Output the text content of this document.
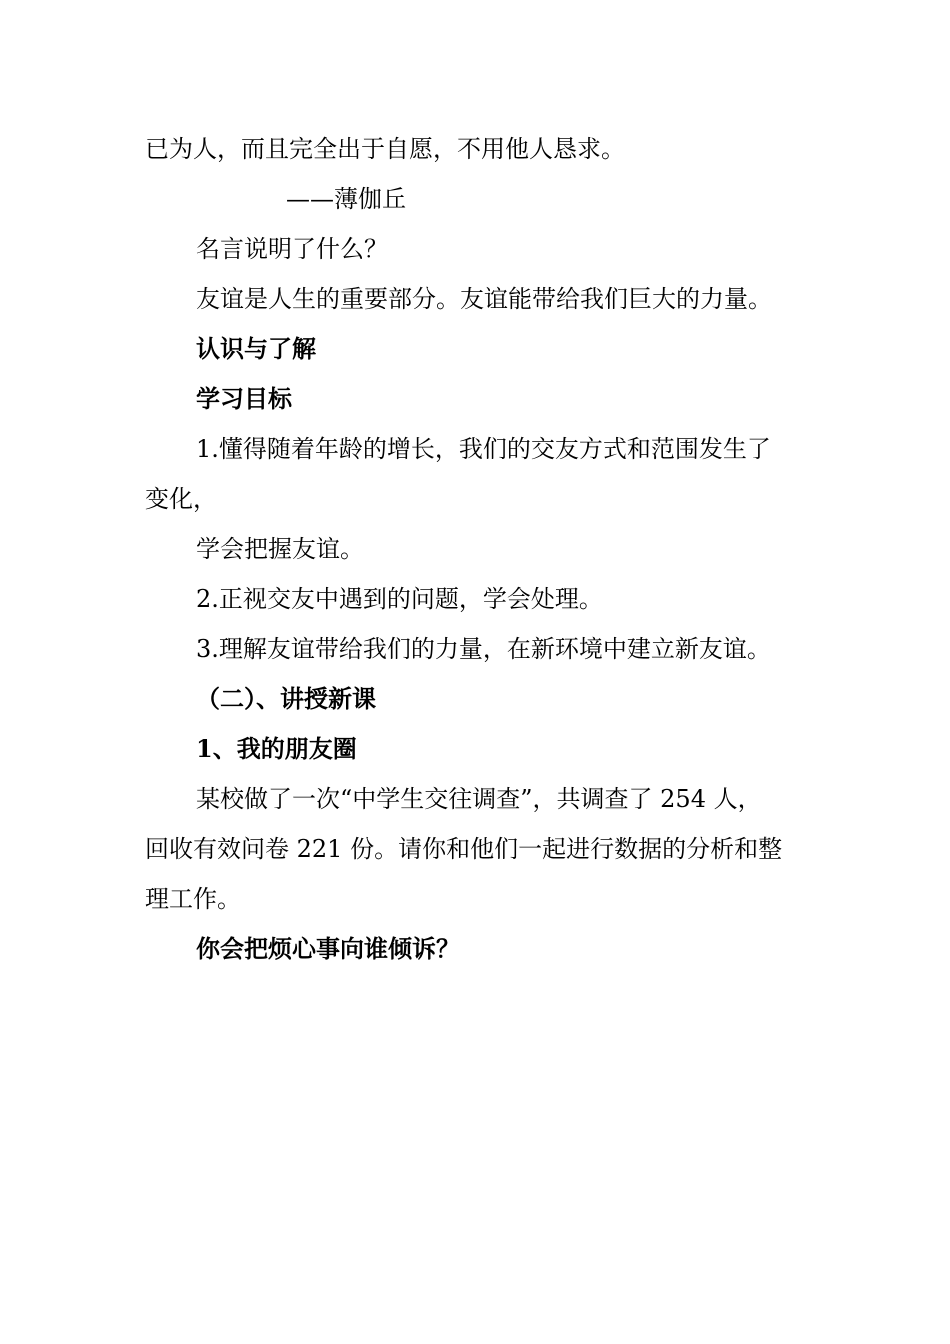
已为人，而且完全出于自愿，不用他人恳求。
——薄伽丘
名言说明了什么？
友谊是人生的重要部分。友谊能带给我们巨大的力量。
认识与了解
学习目标
1.懂得随着年龄的增长，我们的交友方式和范围发生了
变化，
学会把握友谊。
2.正视交友中遇到的问题，学会处理。
3.理解友谊带给我们的力量，在新环境中建立新友谊。
（二）、讲授新课
1、我的朋友圈
某校做了一次“中学生交往调查”，共调查了 254 人，
回收有效问卷 221 份。请你和他们一起进行数据的分析和整
理工作。
你会把烦心事向谁倾诉？
